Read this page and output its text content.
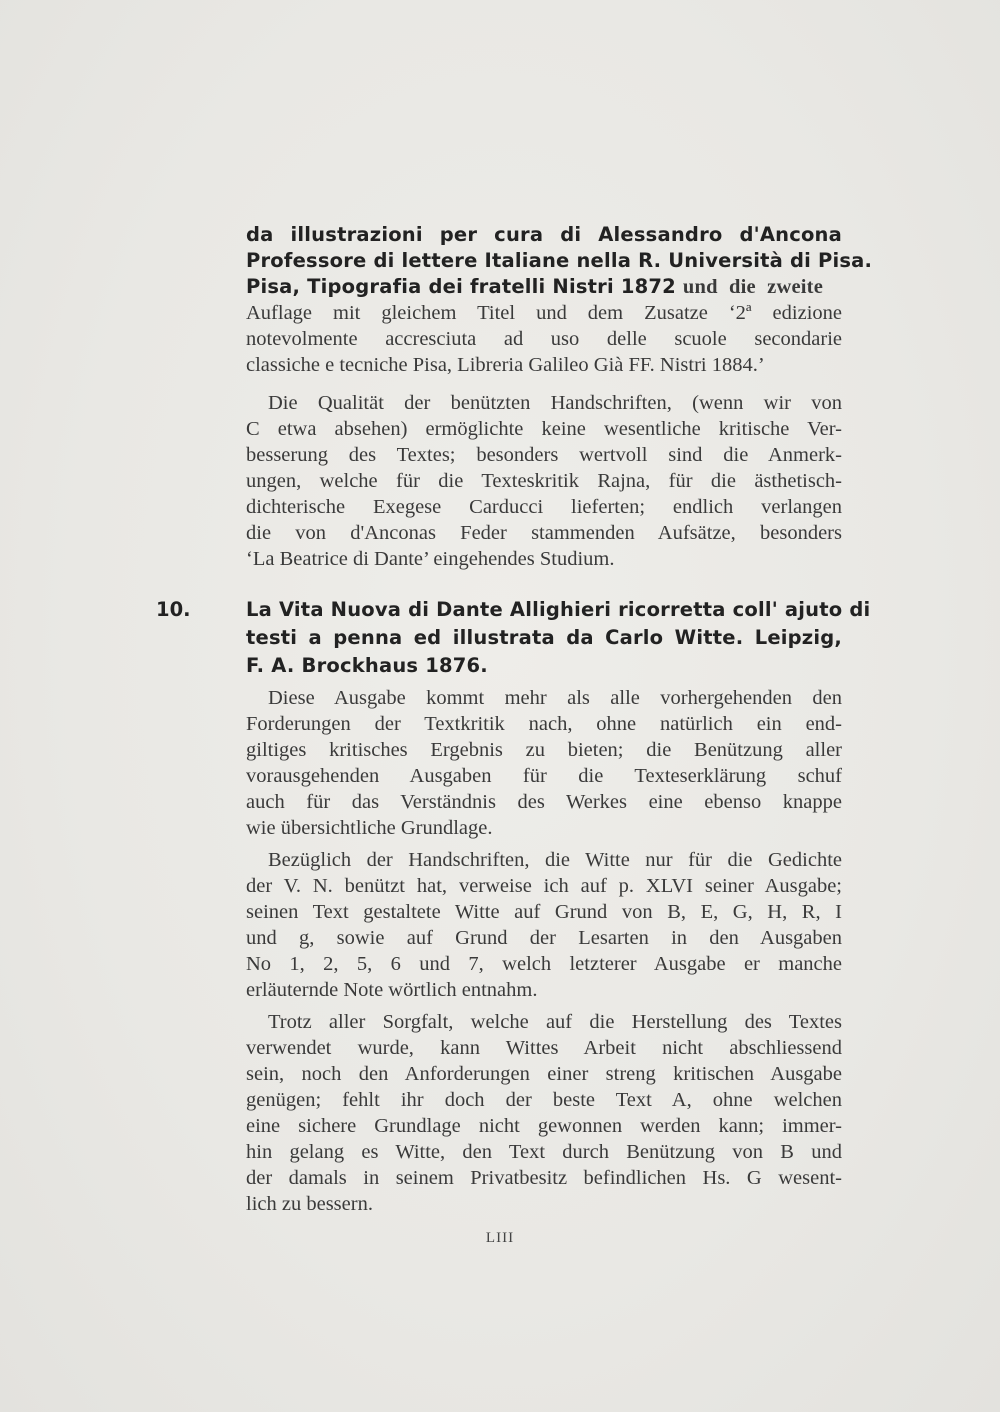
da illustrazioni per cura di Alessandro d'Ancona
Professore di lettere Italiane nella R. Università di Pisa.
Pisa, Tipografia dei fratelli Nistri 1872 und die zweite
Auflage mit gleichem Titel und dem Zusatze ‘2ª edizione
notevolmente accresciuta ad uso delle scuole secondarie
classiche e tecniche Pisa, Libreria Galileo Già FF. Nistri 1884.’
Die Qualität der benützten Handschriften, (wenn wir von
C etwa absehen) ermöglichte keine wesentliche kritische Ver-
besserung des Textes; besonders wertvoll sind die Anmerk-
ungen, welche für die Texteskritik Rajna, für die ästhetisch-
dichterische Exegese Carducci lieferten; endlich verlangen
die von d'Anconas Feder stammenden Aufsätze, besonders
‘La Beatrice di Dante’ eingehendes Studium.
10.	La Vita Nuova di Dante Allighieri ricorretta coll' ajuto di
testi a penna ed illustrata da Carlo Witte. Leipzig,
F. A. Brockhaus 1876.
Diese Ausgabe kommt mehr als alle vorhergehenden den
Forderungen der Textkritik nach, ohne natürlich ein end-
giltiges kritisches Ergebnis zu bieten; die Benützung aller
vorausgehenden Ausgaben für die Texteserklärung schuf
auch für das Verständnis des Werkes eine ebenso knappe
wie übersichtliche Grundlage.
Bezüglich der Handschriften, die Witte nur für die Gedichte
der V. N. benützt hat, verweise ich auf p. XLVI seiner Ausgabe;
seinen Text gestaltete Witte auf Grund von B, E, G, H, R, I
und g, sowie auf Grund der Lesarten in den Ausgaben
No 1, 2, 5, 6 und 7, welch letzterer Ausgabe er manche
erläuternde Note wörtlich entnahm.
Trotz aller Sorgfalt, welche auf die Herstellung des Textes
verwendet wurde, kann Wittes Arbeit nicht abschliessend
sein, noch den Anforderungen einer streng kritischen Ausgabe
genügen; fehlt ihr doch der beste Text A, ohne welchen
eine sichere Grundlage nicht gewonnen werden kann; immer-
hin gelang es Witte, den Text durch Benützung von B und
der damals in seinem Privatbesitz befindlichen Hs. G wesent-
lich zu bessern.
LIII
